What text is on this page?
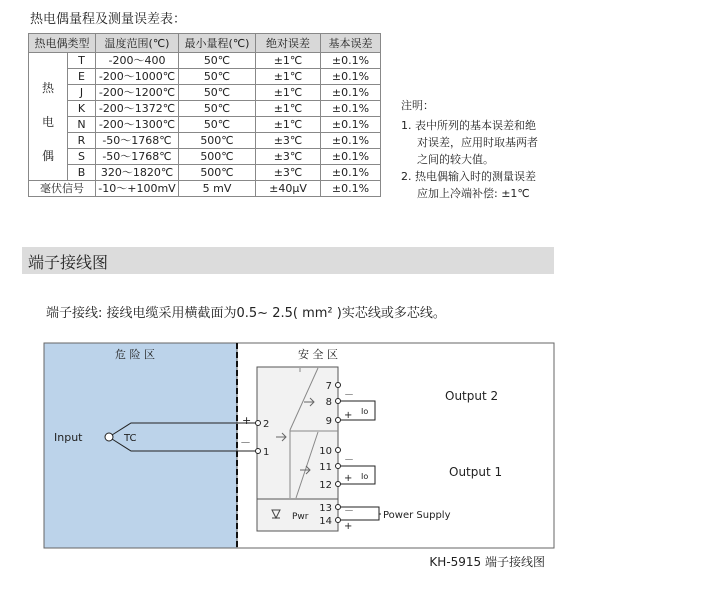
热电偶量程及测量误差表：
热电偶类型		温度范围(℃)	最小量程(℃)	绝对误差	基本误差

热
电
偶	T	-200～400	50℃	±1℃	±0.1%
	E	-200～1000℃	50℃	±1℃	±0.1%
	J	-200～1200℃	50℃	±1℃	±0.1%
	K	-200～1372℃	50℃	±1℃	±0.1%
	N	-200～1300℃	50℃	±1℃	±0.1%
	R	-50～1768℃	500℃	±3℃	±0.1%
	S	-50～1768℃	500℃	±3℃	±0.1%
	B	320～1820℃	500℃	±3℃	±0.1%
毫伏信号		-10～+100mV	5 mV	±40μV	±0.1%
注明：
1. 表中所列的基本误差和绝
对误差，应用时取基两者
之间的较大值。
2. 热电偶输入时的测量误差
应加上冷端补偿: ±1℃
端子接线图
端子接线: 接线电缆采用横截面为0.5~ 2.5( mm² )实芯线或多芯线。
危 险 区	安 全 区
Input	TC
+
－
Pwr
2
1
7
8
9
10
11
12
13
14
－
+ Io
Output 2
－
+ Io	Output 1
－
+
Power Supply
KH-5915 端子接线图
